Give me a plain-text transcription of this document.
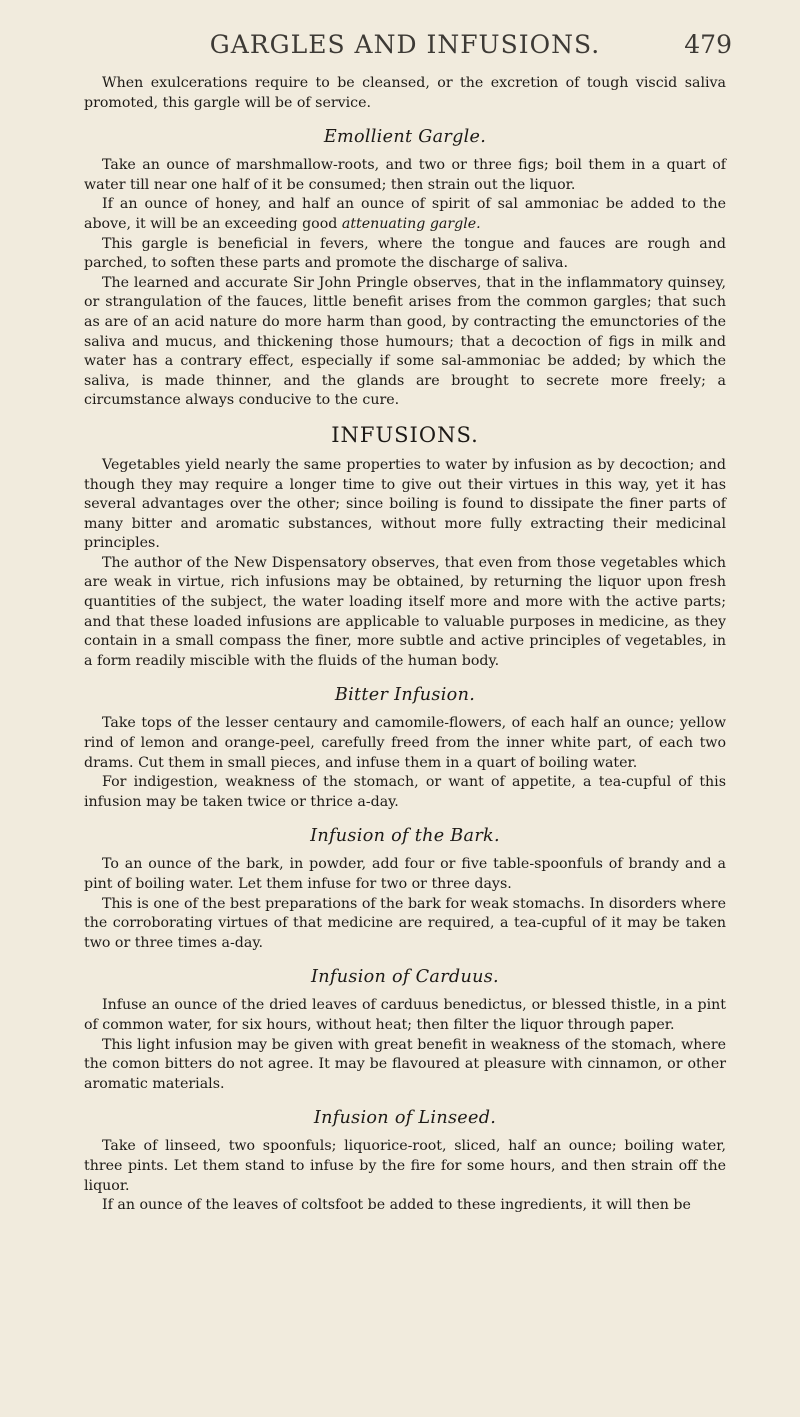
GARGLES AND INFUSIONS.	479

When exulcerations require to be cleansed, or the excretion of tough viscid saliva promoted, this gargle will be of service.

Emollient Gargle.

Take an ounce of marshmallow-roots, and two or three figs; boil them in a quart of water till near one half of it be consumed; then strain out the liquor.

If an ounce of honey, and half an ounce of spirit of sal ammoniac be added to the above, it will be an exceeding good attenuating gargle.

This gargle is beneficial in fevers, where the tongue and fauces are rough and parched, to soften these parts and promote the discharge of saliva.

The learned and accurate Sir John Pringle observes, that in the inflammatory quinsey, or strangulation of the fauces, little benefit arises from the common gargles; that such as are of an acid nature do more harm than good, by contracting the emunctories of the saliva and mucus, and thickening those humours; that a decoction of figs in milk and water has a contrary effect, especially if some sal-ammoniac be added; by which the saliva, is made thinner, and the glands are brought to secrete more freely; a circumstance always conducive to the cure.

INFUSIONS.

Vegetables yield nearly the same properties to water by infusion as by decoction; and though they may require a longer time to give out their virtues in this way, yet it has several advantages over the other; since boiling is found to dissipate the finer parts of many bitter and aromatic substances, without more fully extracting their medicinal principles.

The author of the New Dispensatory observes, that even from those vegetables which are weak in virtue, rich infusions may be obtained, by returning the liquor upon fresh quantities of the subject, the water loading itself more and more with the active parts; and that these loaded infusions are applicable to valuable purposes in medicine, as they contain in a small compass the finer, more subtle and active principles of vegetables, in a form readily miscible with the fluids of the human body.

Bitter Infusion.

Take tops of the lesser centaury and camomile-flowers, of each half an ounce; yellow rind of lemon and orange-peel, carefully freed from the inner white part, of each two drams. Cut them in small pieces, and infuse them in a quart of boiling water.

For indigestion, weakness of the stomach, or want of appetite, a tea-cupful of this infusion may be taken twice or thrice a-day.

Infusion of the Bark.

To an ounce of the bark, in powder, add four or five table-spoonfuls of brandy and a pint of boiling water. Let them infuse for two or three days.

This is one of the best preparations of the bark for weak stomachs. In disorders where the corroborating virtues of that medicine are required, a tea-cupful of it may be taken two or three times a-day.

Infusion of Carduus.

Infuse an ounce of the dried leaves of carduus benedictus, or blessed thistle, in a pint of common water, for six hours, without heat; then filter the liquor through paper.

This light infusion may be given with great benefit in weakness of the stomach, where the comon bitters do not agree. It may be flavoured at pleasure with cinnamon, or other aromatic materials.

Infusion of Linseed.

Take of linseed, two spoonfuls; liquorice-root, sliced, half an ounce; boiling water, three pints. Let them stand to infuse by the fire for some hours, and then strain off the liquor.

If an ounce of the leaves of coltsfoot be added to these ingredients, it will then be
